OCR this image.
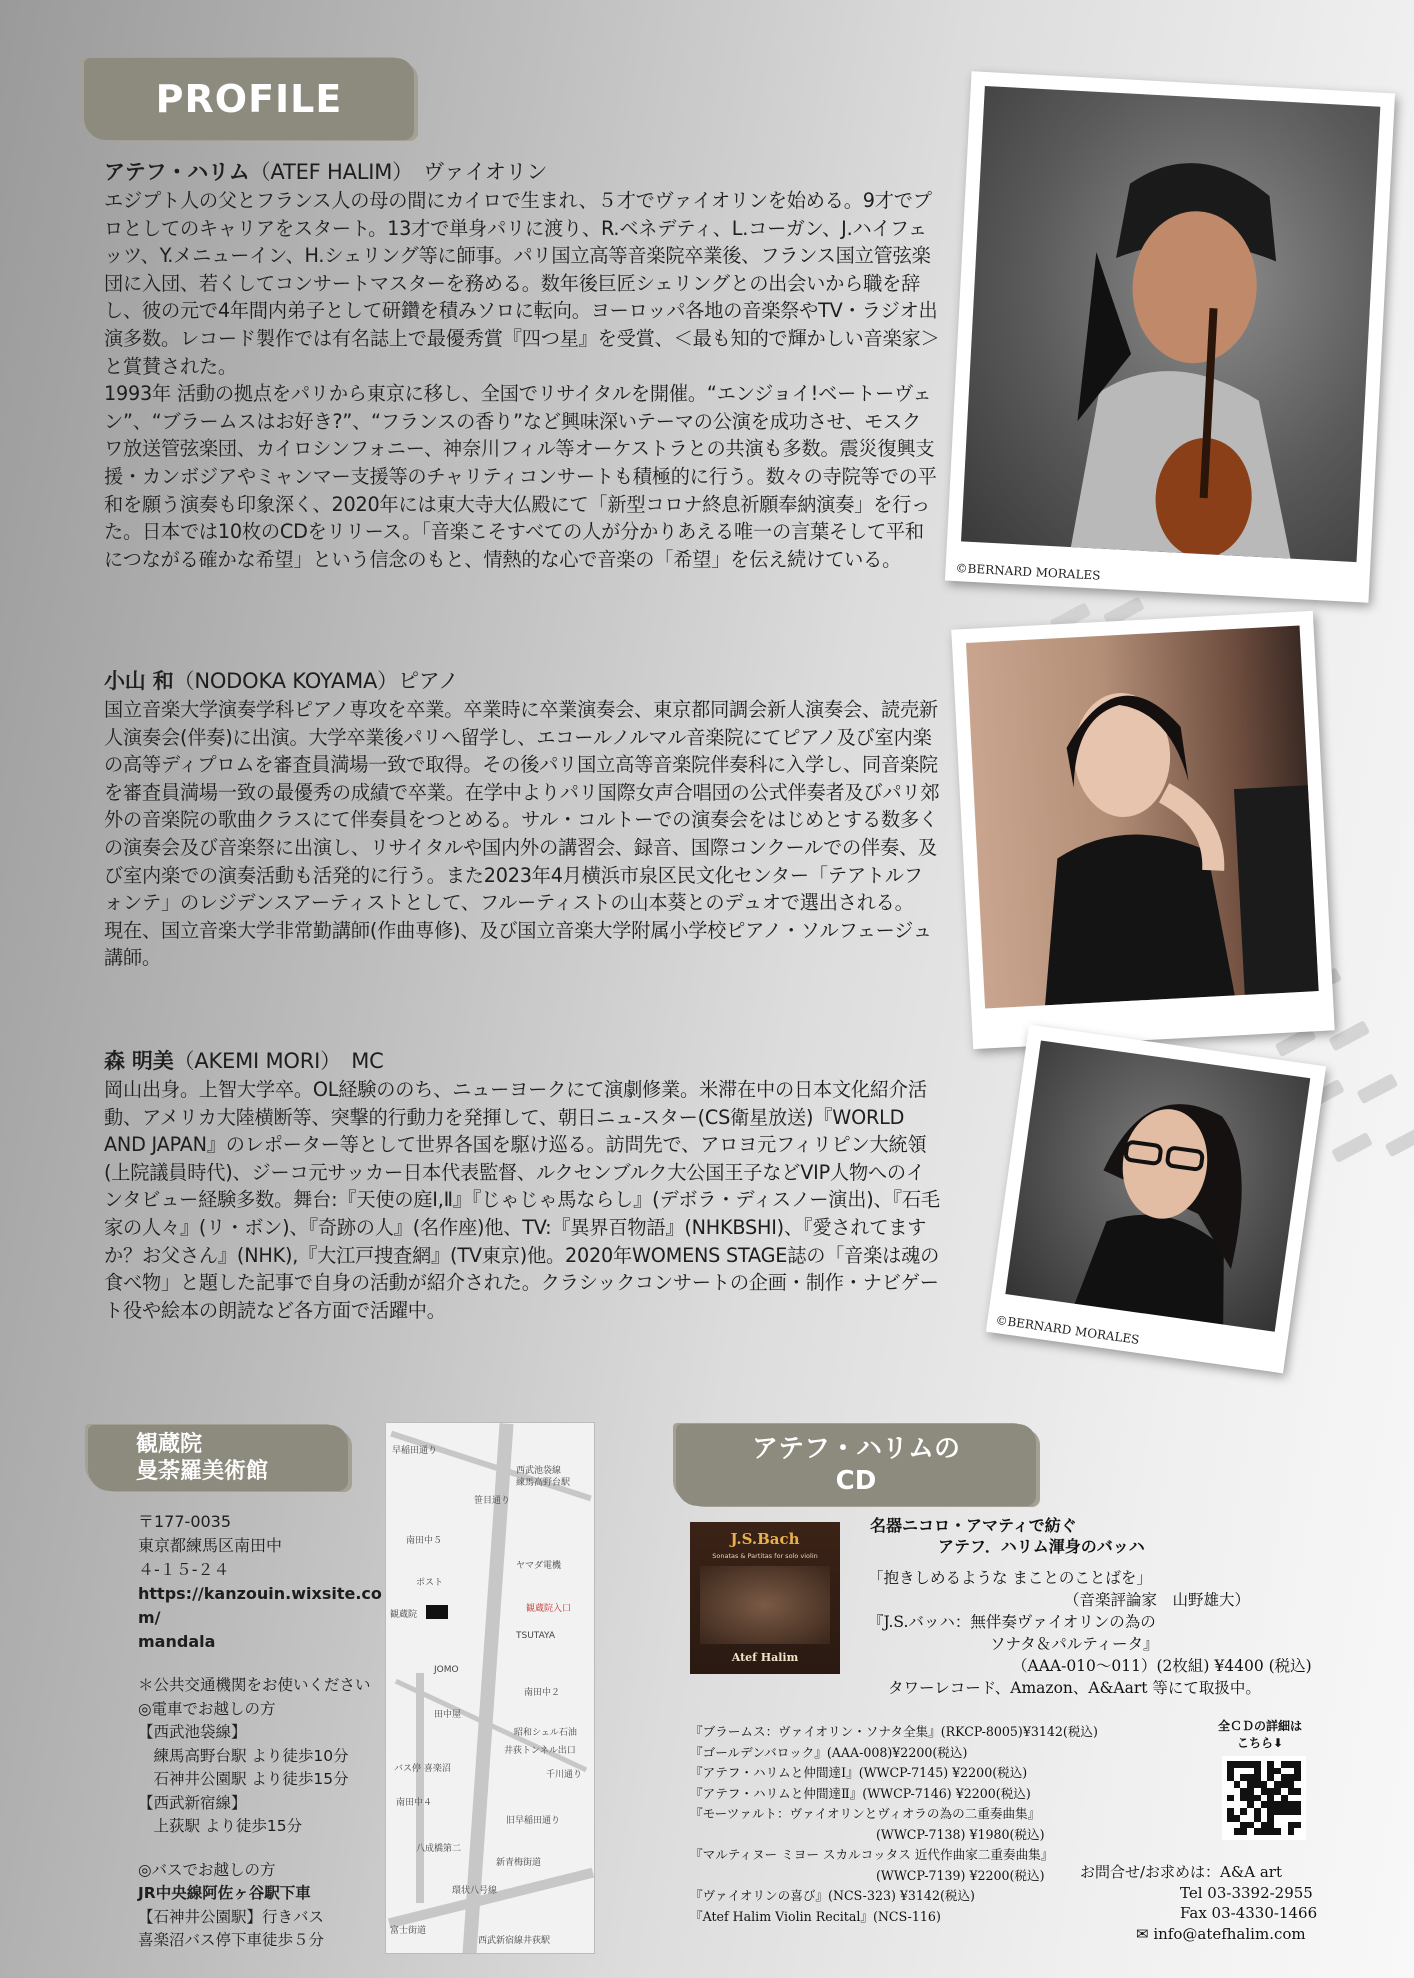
PROFILE
アテフ・ハリム（ATEF HALIM）　 ヴァイオリン

エジプト人の父とフランス人の母の間にカイロで生まれ、５才でヴァイオリンを始める。9才でプロとしてのキャリアをスタート。13才で単身パリに渡り、R.ベネデティ、L.コーガン、J.ハイフェッツ、Y.メニューイン、H.シェリング等に師事。パリ国立高等音楽院卒業後、フランス国立管弦楽団に入団、若くしてコンサートマスターを務める。数年後巨匠シェリングとの出会いから職を辞し、彼の元で4年間内弟子として研鑽を積みソロに転向。ヨーロッパ各地の音楽祭やTV・ラジオ出演多数。レコード製作では有名誌上で最優秀賞『四つ星』を受賞、＜最も知的で輝かしい音楽家＞と賞賛された。
1993年 活動の拠点をパリから東京に移し、全国でリサイタルを開催。“エンジョイ!ベートーヴェン”、“ブラームスはお好き?”、“フランスの香り”など興味深いテーマの公演を成功させ、モスクワ放送管弦楽団、カイロシンフォニー、神奈川フィル等オーケストラとの共演も多数。震災復興支援・カンボジアやミャンマー支援等のチャリティコンサートも積極的に行う。数々の寺院等での平和を願う演奏も印象深く、2020年には東大寺大仏殿にて「新型コロナ終息祈願奉納演奏」を行った。日本では10枚のCDをリリース。「音楽こそすべての人が分かりあえる唯一の言葉そして平和につながる確かな希望」という信念のもと、情熱的な心で音楽の「希望」を伝え続けている。

小山 和（NODOKA KOYAMA）ピアノ

国立音楽大学演奏学科ピアノ専攻を卒業。卒業時に卒業演奏会、東京都同調会新人演奏会、読売新人演奏会(伴奏)に出演。大学卒業後パリへ留学し、エコールノルマル音楽院にてピアノ及び室内楽の高等ディプロムを審査員満場一致で取得。その後パリ国立高等音楽院伴奏科に入学し、同音楽院を審査員満場一致の最優秀の成績で卒業。在学中よりパリ国際女声合唱団の公式伴奏者及びパリ郊外の音楽院の歌曲クラスにて伴奏員をつとめる。サル・コルトーでの演奏会をはじめとする数多くの演奏会及び音楽祭に出演し、リサイタルや国内外の講習会、録音、国際コンクールでの伴奏、及び室内楽での演奏活動も活発的に行う。また2023年4月横浜市泉区民文化センター「テアトルフォンテ」のレジデンスアーティストとして、フルーティストの山本葵とのデュオで選出される。
現在、国立音楽大学非常勤講師(作曲専修)、及び国立音楽大学附属小学校ピアノ・ソルフェージュ講師。

森 明美（AKEMI MORI）　 MC

岡山出身。上智大学卒。OL経験ののち、ニューヨークにて演劇修業。米滞在中の日本文化紹介活動、アメリカ大陸横断等、突撃的行動力を発揮して、朝日ニュ-スター(CS衛星放送)『WORLD AND JAPAN』のレポーター等として世界各国を駆け巡る。訪問先で、アロヨ元フィリピン大統領(上院議員時代)、ジーコ元サッカー日本代表監督、ルクセンブルク大公国王子などVIP人物へのインタビュー経験多数。舞台:『天使の庭Ⅰ,Ⅱ』『じゃじゃ馬ならし』(デボラ・ディスノー演出)、『石毛家の人々』(リ・ボン)、『奇跡の人』(名作座)他、TV:『異界百物語』(NHKBSHI)、『愛されてますか？お父さん』(NHK),『大江戸捜査網』(TV東京)他。2020年WOMENS STAGE誌の「音楽は魂の食べ物」と題した記事で自身の活動が紹介された。クラシックコンサートの企画・制作・ナビゲート役や絵本の朗読など各方面で活躍中。

©BERNARD MORALES
©BERNARD MORALES
観蔵院
曼荼羅美術館
〒177-0035
東京都練馬区南田中
４-１５-２４
https://kanzouin.wixsite.com/
mandala
＊公共交通機関をお使いください
◎電車でお越しの方
【西武池袋線】
　練馬高野台駅 より徒歩10分
　石神井公園駅 より徒歩15分
【西武新宿線】
　上荻駅 より徒歩15分
◎バスでお越しの方
JR中央線阿佐ヶ谷駅下車
【石神井公園駅】行きバス
喜楽沼バス停下車徒歩５分
西武池袋線
練馬高野台駅
笹目通り
南田中５
ヤマダ電機
ポスト
観蔵院
観蔵院入口
TSUTAYA
JOMO
南田中２
田中屋
昭和シェル石油
井荻トンネル出口
千川通り
バス停 喜楽沼
南田中４
八成橋第二
旧早稲田通り
新青梅街道
環状八号線
西武新宿線井荻駅
早稲田通り
富士街道
アテフ・ハリムの
CD
J.S.Bach
Sonatas & Partitas for solo violin
Atef Halim
名器ニコロ・アマティで紡ぐ
アテフ．ハリム渾身のバッハ
「抱きしめるような まことのことばを」
（音楽評論家　山野雄大）
『J.S.バッハ：無伴奏ヴァイオリンの為の
ソナタ＆パルティータ』
（AAA-010～011）(2枚組) ¥4400 (税込)
タワーレコード、Amazon、A&Aart 等にて取扱中。
『ブラームス：ヴァイオリン・ソナタ全集』(RKCP-8005)¥3142(税込)
『ゴールデンバロック』(AAA-008)¥2200(税込)
『アテフ・ハリムと仲間達Ⅰ』(WWCP-7145) ¥2200(税込)
『アテフ・ハリムと仲間達Ⅱ』(WWCP-7146) ¥2200(税込)
『モーツァルト：ヴァイオリンとヴィオラの為の二重奏曲集』
(WWCP-7138) ¥1980(税込)
『マルティヌー ミヨー スカルコッタス 近代作曲家二重奏曲集』
(WWCP-7139) ¥2200(税込)
『ヴァイオリンの喜び』(NCS-323) ¥3142(税込)
『Atef Halim Violin Recital』(NCS-116)
全ＣＤの詳細は
こちら⬇
お問合せ/お求めは：A&A art
Tel 03-3392-2955
Fax 03-4330-1466
✉ info@atefhalim.com
